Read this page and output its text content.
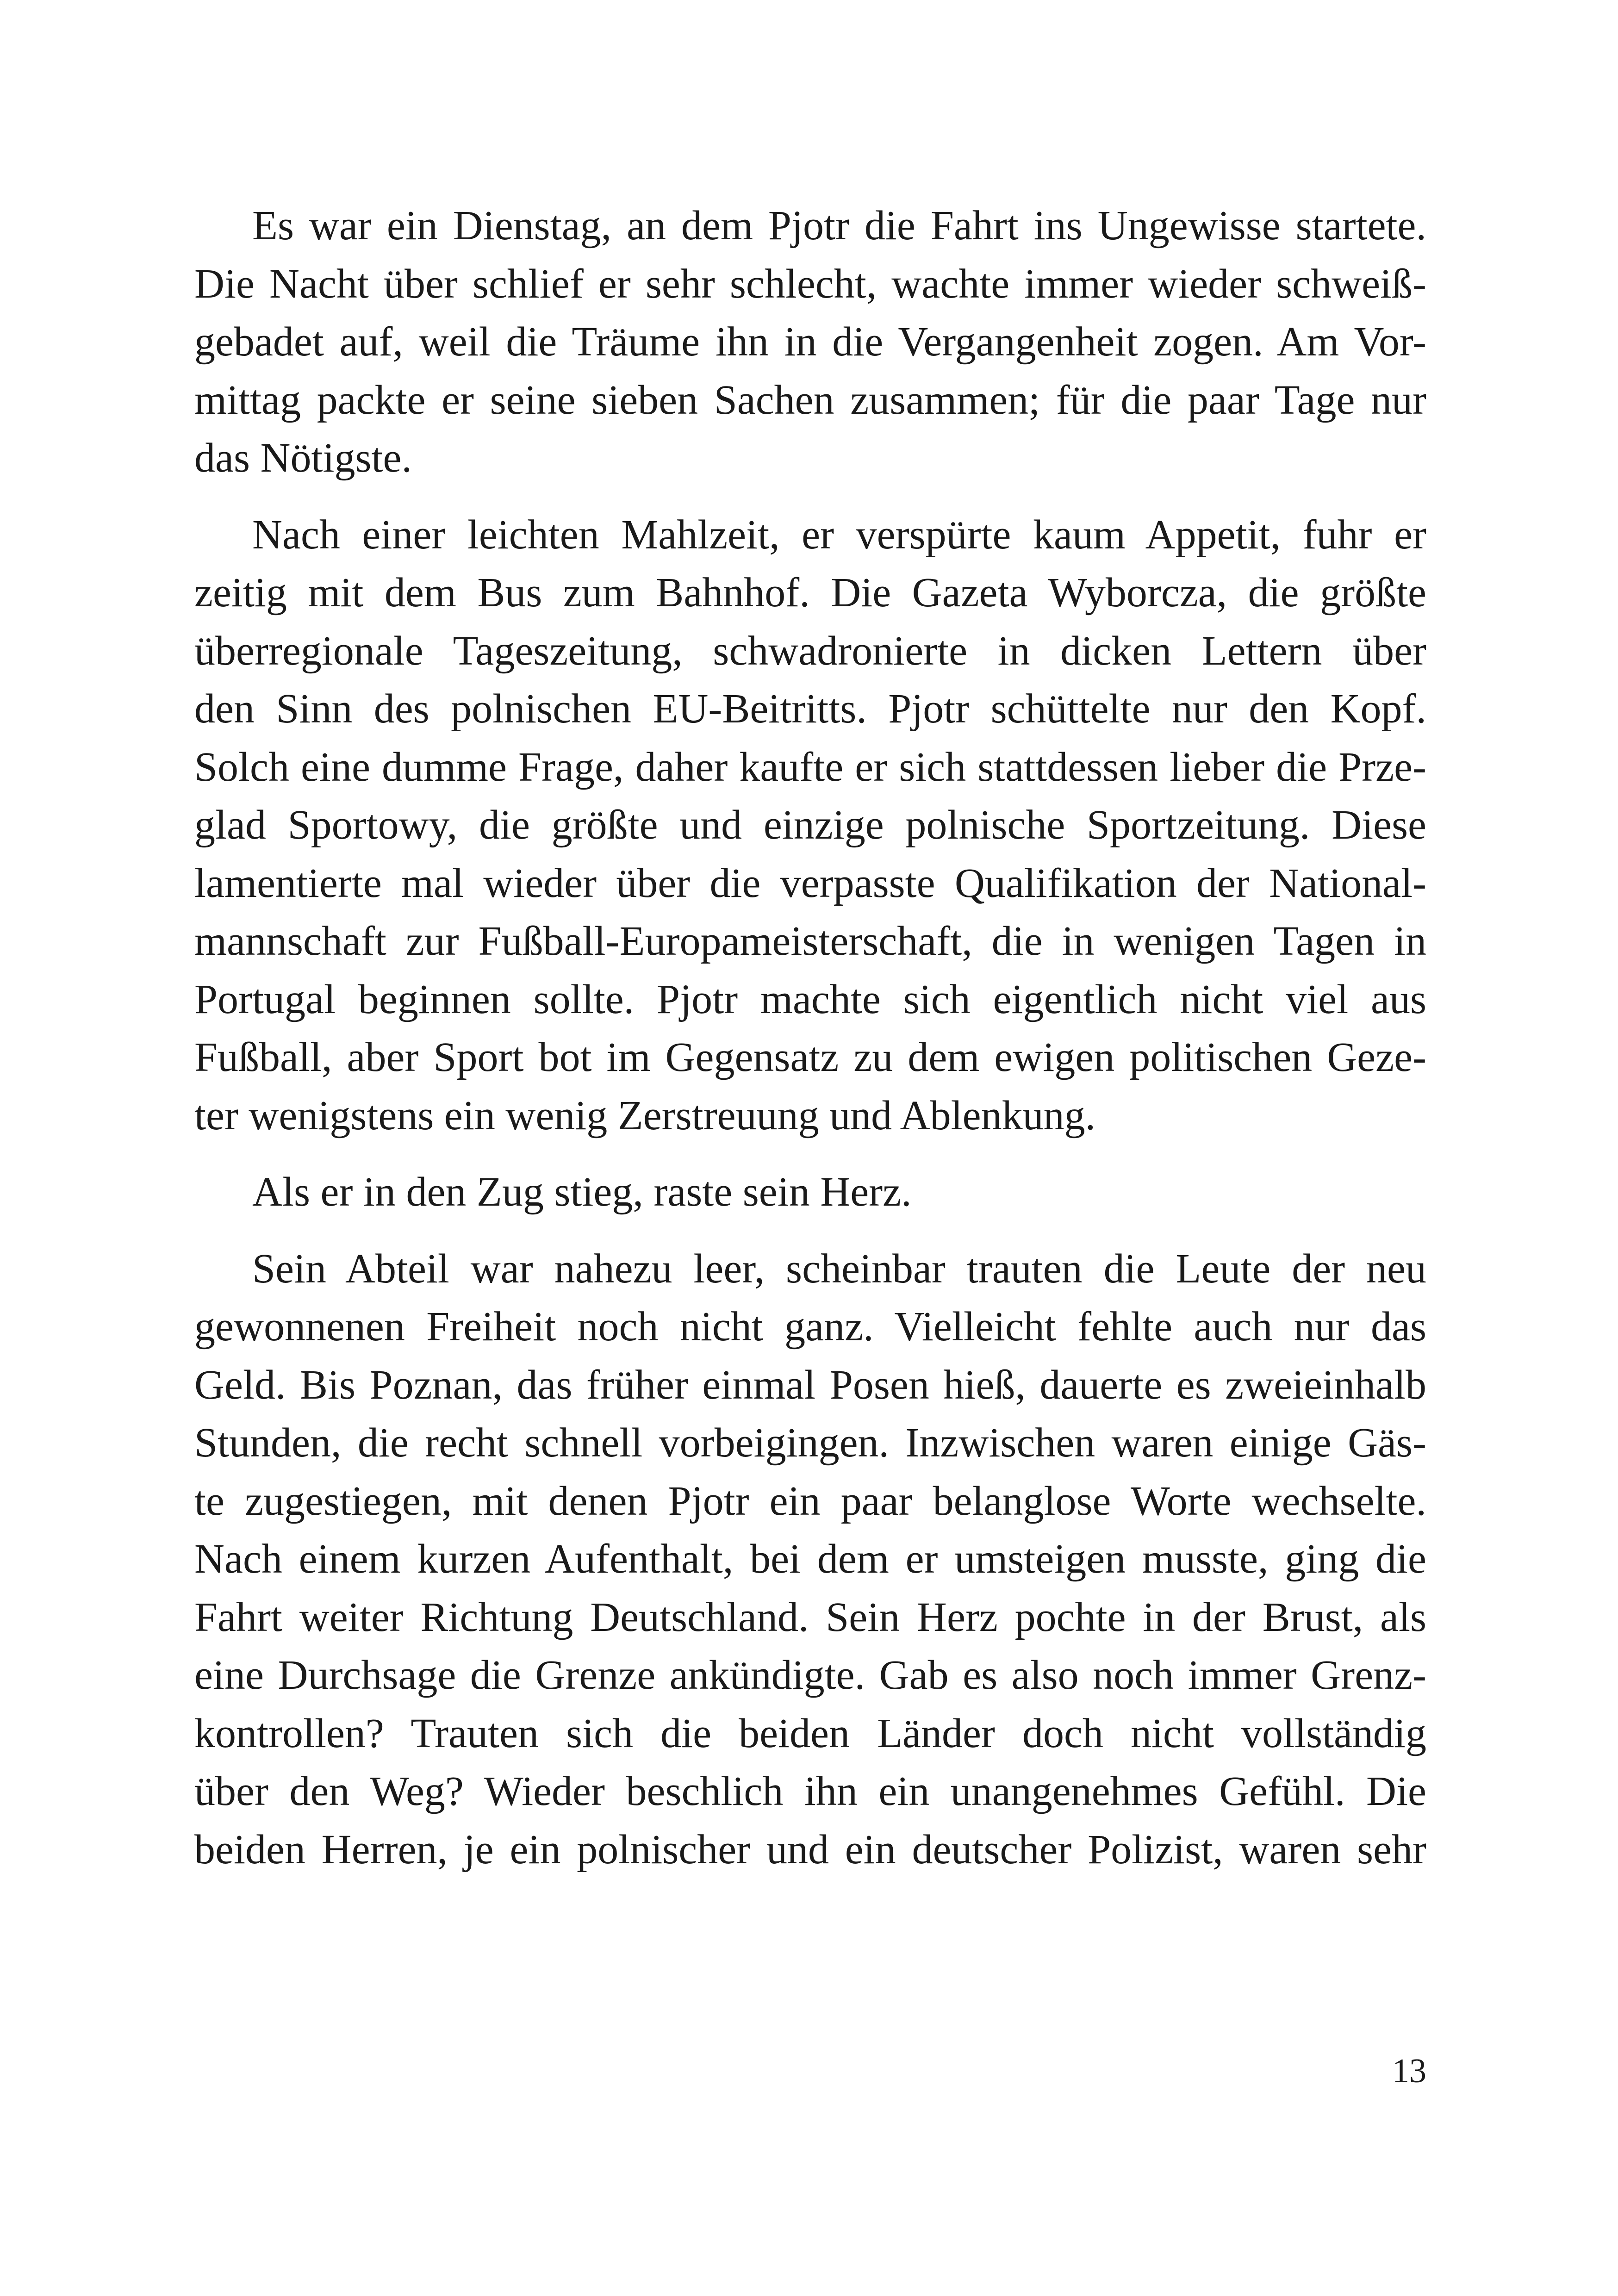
Es war ein Dienstag, an dem Pjotr die Fahrt ins Ungewisse startete.
Die Nacht über schlief er sehr schlecht, wachte immer wieder schweiß-
gebadet auf, weil die Träume ihn in die Vergangenheit zogen. Am Vor-
mittag packte er seine sieben Sachen zusammen; für die paar Tage nur
das Nötigste.
Nach einer leichten Mahlzeit, er verspürte kaum Appetit, fuhr er
zeitig mit dem Bus zum Bahnhof. Die Gazeta Wyborcza, die größte
überregionale Tageszeitung, schwadronierte in dicken Lettern über
den Sinn des polnischen EU-Beitritts. Pjotr schüttelte nur den Kopf.
Solch eine dumme Frage, daher kaufte er sich stattdessen lieber die Prze-
glad Sportowy, die größte und einzige polnische Sportzeitung. Diese
lamentierte mal wieder über die verpasste Qualifikation der National-
mannschaft zur Fußball-Europameisterschaft, die in wenigen Tagen in
Portugal beginnen sollte. Pjotr machte sich eigentlich nicht viel aus
Fußball, aber Sport bot im Gegensatz zu dem ewigen politischen Geze-
ter wenigstens ein wenig Zerstreuung und Ablenkung.
Als er in den Zug stieg, raste sein Herz.
Sein Abteil war nahezu leer, scheinbar trauten die Leute der neu
gewonnenen Freiheit noch nicht ganz. Vielleicht fehlte auch nur das
Geld. Bis Poznan, das früher einmal Posen hieß, dauerte es zweieinhalb
Stunden, die recht schnell vorbeigingen. Inzwischen waren einige Gäs-
te zugestiegen, mit denen Pjotr ein paar belanglose Worte wechselte.
Nach einem kurzen Aufenthalt, bei dem er umsteigen musste, ging die
Fahrt weiter Richtung Deutschland. Sein Herz pochte in der Brust, als
eine Durchsage die Grenze ankündigte. Gab es also noch immer Grenz-
kontrollen? Trauten sich die beiden Länder doch nicht vollständig
über den Weg? Wieder beschlich ihn ein unangenehmes Gefühl. Die
beiden Herren, je ein polnischer und ein deutscher Polizist, waren sehr
13
